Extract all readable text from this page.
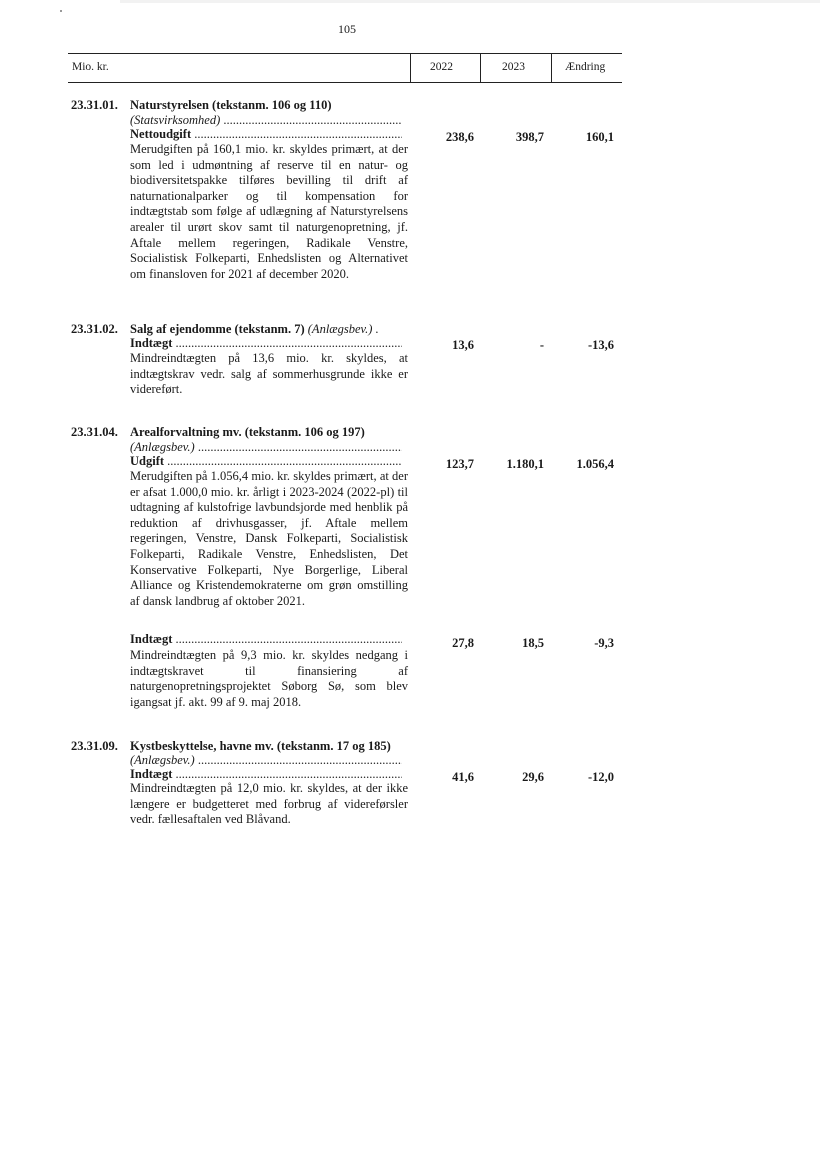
105
Mio. kr.	2022	2023	Ændring
23.31.01. Naturstyrelsen (tekstanm. 106 og 110)
(Statsvirksomhed) .....
Nettoudgift .....	238,6	398,7	160,1
Merudgiften på 160,1 mio. kr. skyldes primært, at der som led i udmøntning af reserve til en natur- og biodiversitetspakke tilføres bevilling til drift af naturnationalparker og til kompensation for indtægtstab som følge af udlægning af Naturstyrelsens arealer til urørt skov samt til naturgenopretning, jf. Aftale mellem regeringen, Radikale Venstre, Socialistisk Folkeparti, Enhedslisten og Alternativet om finansloven for 2021 af december 2020.
23.31.02. Salg af ejendomme (tekstanm. 7) (Anlægsbev.) .
Indtægt .....	13,6	-	-13,6
Mindreindtægten på 13,6 mio. kr. skyldes, at indtægtskrav vedr. salg af sommerhusgrunde ikke er videreført.
23.31.04. Arealforvaltning mv. (tekstanm. 106 og 197)
(Anlægsbev.) .....
Udgift .....	123,7	1.180,1	1.056,4
Merudgiften på 1.056,4 mio. kr. skyldes primært, at der er afsat 1.000,0 mio. kr. årligt i 2023-2024 (2022-pl) til udtagning af kulstofrige lavbundsjorde med henblik på reduktion af drivhusgasser, jf. Aftale mellem regeringen, Venstre, Dansk Folkeparti, Socialistisk Folkeparti, Radikale Venstre, Enhedslisten, Det Konservative Folkeparti, Nye Borgerlige, Liberal Alliance og Kristendemokraterne om grøn omstilling af dansk landbrug af oktober 2021.
Indtægt .....	27,8	18,5	-9,3
Mindreindtægten på 9,3 mio. kr. skyldes nedgang i indtægtskravet til finansiering af naturgenopretningsprojektet Søborg Sø, som blev igangsat jf. akt. 99 af 9. maj 2018.
23.31.09. Kystbeskyttelse, havne mv. (tekstanm. 17 og 185)
(Anlægsbev.) .....
Indtægt .....	41,6	29,6	-12,0
Mindreindtægten på 12,0 mio. kr. skyldes, at der ikke længere er budgetteret med forbrug af videreførsler vedr. fællesaftalen ved Blåvand.
